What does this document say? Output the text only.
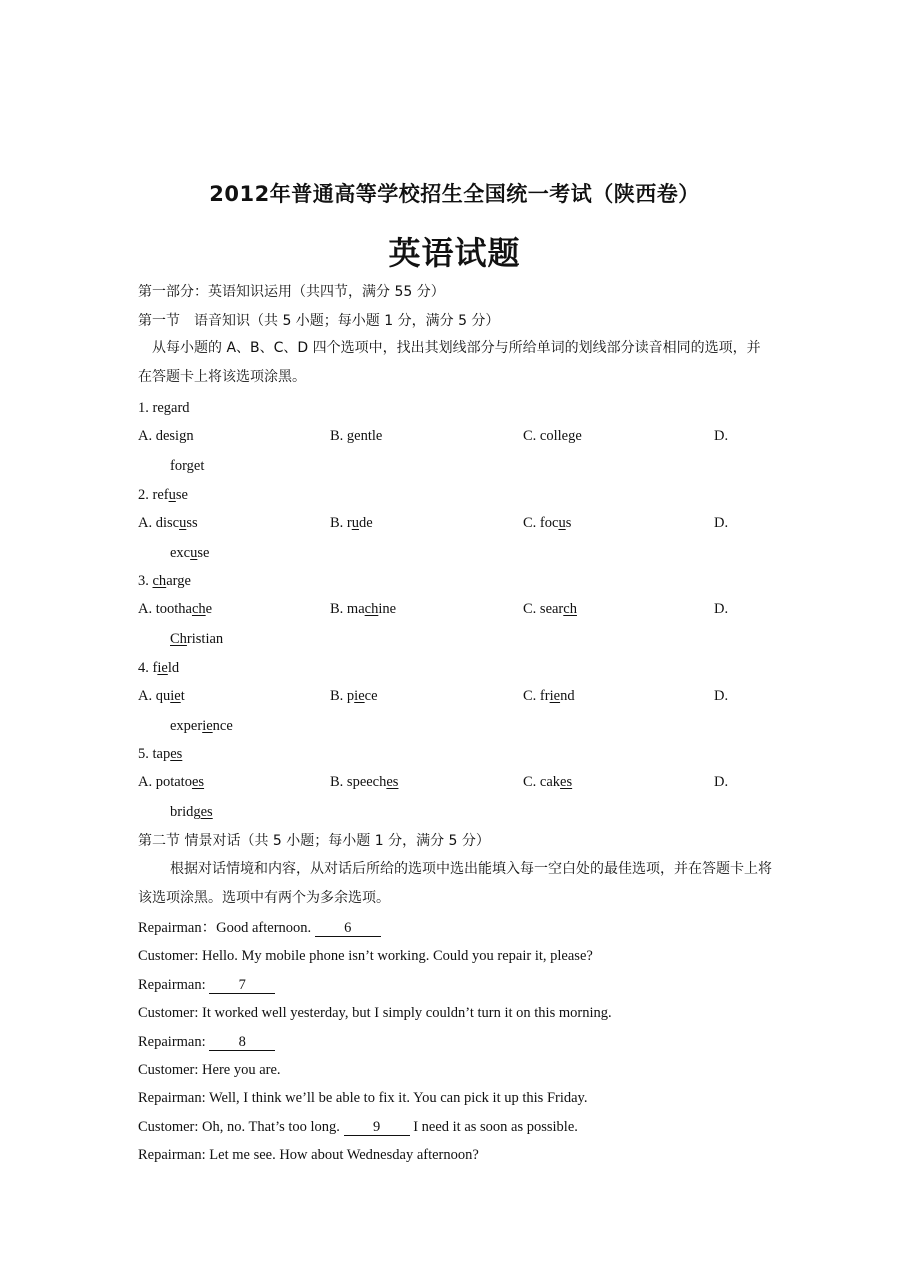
2012年普通高等学校招生全国统一考试（陕西卷）
英语试题
第一部分：英语知识运用（共四节，满分 55 分）
第一节　语音知识（共 5 小题；每小题 1 分，满分 5 分）
从每小题的 A、B、C、D 四个选项中，找出其划线部分与所给单词的划线部分读音相同的选项，并在答题卡上将该选项涂黑。
1. regard
A. design	B. gentle	C. college	D.
forget
2. refuse
A. discuss	B. rude	C. focus	D.
excuse
3. charge
A. toothache	B. machine	C. search	D.
Christian
4. field
A. quiet	B. piece	C. friend	D.
experience
5. tapes
A. potatoes	B. speeches	C. cakes	D.
bridges
第二节 情景对话（共 5 小题；每小题 1 分，满分 5 分）
根据对话情境和内容，从对话后所给的选项中选出能填入每一空白处的最佳选项，并在答题卡上将该选项涂黑。选项中有两个为多余选项。
Repairman：Good afternoon. 6
Customer: Hello. My mobile phone isn’t working. Could you repair it, please?
Repairman: 7
Customer: It worked well yesterday, but I simply couldn’t turn it on this morning.
Repairman: 8
Customer: Here you are.
Repairman: Well, I think we’ll be able to fix it. You can pick it up this Friday.
Customer: Oh, no. That’s too long. 9 I need it as soon as possible.
Repairman: Let me see. How about Wednesday afternoon?
